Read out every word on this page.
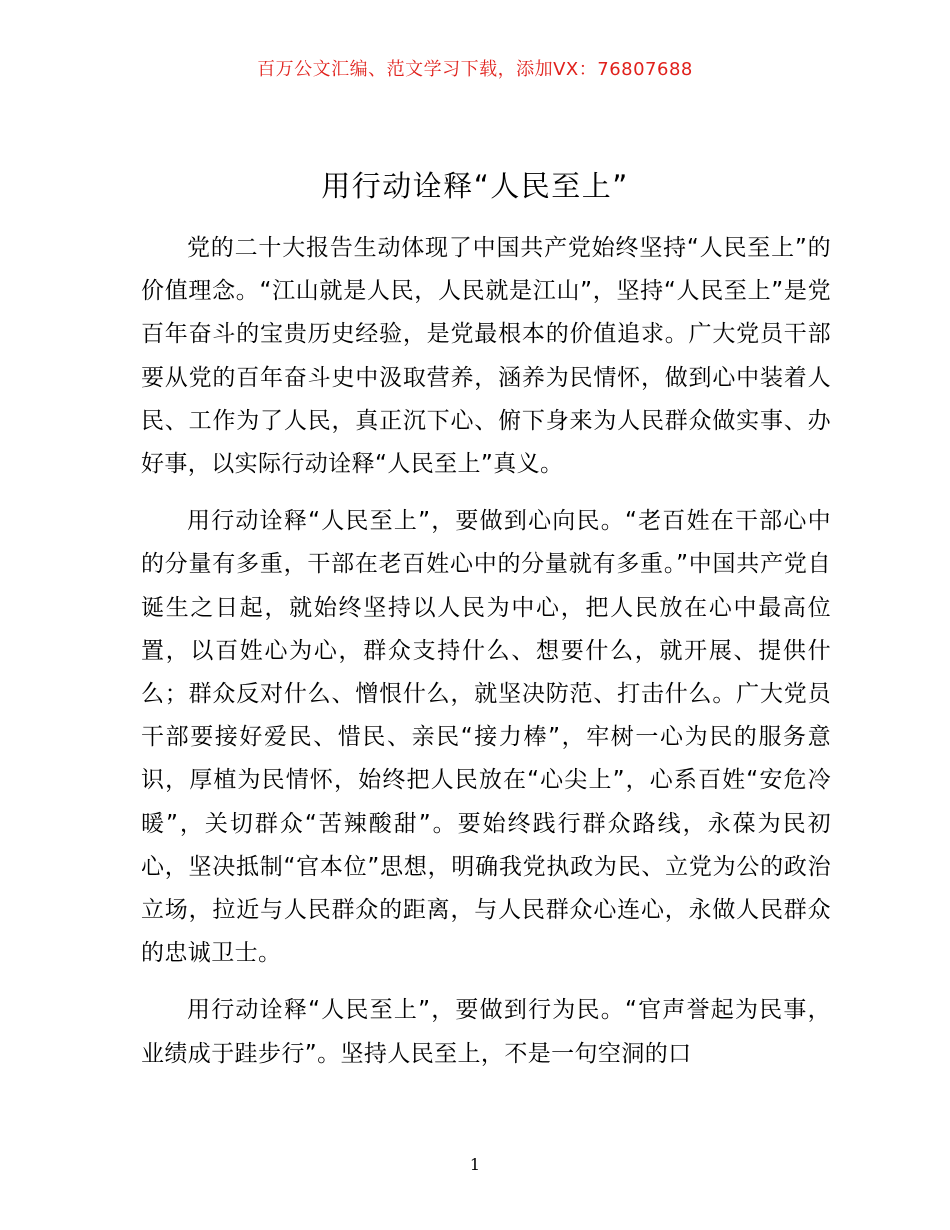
百万公文汇编、范文学习下载，添加VX：76807688
用行动诠释“人民至上”

党的二十大报告生动体现了中国共产党始终坚持“人民至上”的价值理念。“江山就是人民，人民就是江山”，坚持“人民至上”是党百年奋斗的宝贵历史经验，是党最根本的价值追求。广大党员干部要从党的百年奋斗史中汲取营养，涵养为民情怀，做到心中装着人民、工作为了人民，真正沉下心、俯下身来为人民群众做实事、办好事，以实际行动诠释“人民至上”真义。

用行动诠释“人民至上”，要做到心向民。“老百姓在干部心中的分量有多重，干部在老百姓心中的分量就有多重。”中国共产党自诞生之日起，就始终坚持以人民为中心，把人民放在心中最高位置，以百姓心为心，群众支持什么、想要什么，就开展、提供什么；群众反对什么、憎恨什么，就坚决防范、打击什么。广大党员干部要接好爱民、惜民、亲民“接力棒”，牢树一心为民的服务意识，厚植为民情怀，始终把人民放在“心尖上”，心系百姓“安危冷暖”，关切群众“苦辣酸甜”。要始终践行群众路线，永葆为民初心，坚决抵制“官本位”思想，明确我党执政为民、立党为公的政治立场，拉近与人民群众的距离，与人民群众心连心，永做人民群众的忠诚卫士。

用行动诠释“人民至上”，要做到行为民。“官声誉起为民事，业绩成于跬步行”。坚持人民至上，不是一句空洞的口

1
